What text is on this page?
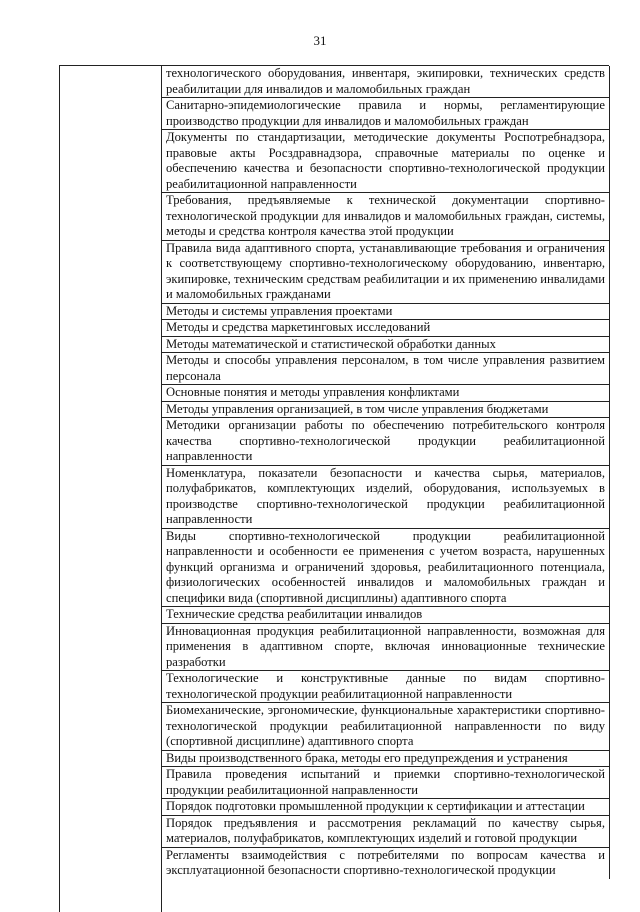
31
технологического оборудования, инвентаря, экипировки, технических средств реабилитации для инвалидов и маломобильных граждан
Санитарно-эпидемиологические правила и нормы, регламентирующие производство продукции для инвалидов и маломобильных граждан
Документы по стандартизации, методические документы Роспотребнадзора, правовые акты Росздравнадзора, справочные материалы по оценке и обеспечению качества и безопасности спортивно-технологической продукции реабилитационной направленности
Требования, предъявляемые к технической документации спортивно-технологической продукции для инвалидов и маломобильных граждан, системы, методы и средства контроля качества этой продукции
Правила вида адаптивного спорта, устанавливающие требования и ограничения к соответствующему спортивно-технологическому оборудованию, инвентарю, экипировке, техническим средствам реабилитации и их применению инвалидами и маломобильных гражданами
Методы и системы управления проектами
Методы и средства маркетинговых исследований
Методы математической и статистической обработки данных
Методы и способы управления персоналом, в том числе управления развитием персонала
Основные понятия и методы управления конфликтами
Методы управления организацией, в том числе управления бюджетами
Методики организации работы по обеспечению потребительского контроля качества спортивно-технологической продукции реабилитационной направленности
Номенклатура, показатели безопасности и качества сырья, материалов, полуфабрикатов, комплектующих изделий, оборудования, используемых в производстве спортивно-технологической продукции реабилитационной направленности
Виды спортивно-технологической продукции реабилитационной направленности и особенности ее применения с учетом возраста, нарушенных функций организма и ограничений здоровья, реабилитационного потенциала, физиологических особенностей инвалидов и маломобильных граждан и специфики вида (спортивной дисциплины) адаптивного спорта
Технические средства реабилитации инвалидов
Инновационная продукция реабилитационной направленности, возможная для применения в адаптивном спорте, включая инновационные технические разработки
Технологические и конструктивные данные по видам спортивно-технологической продукции реабилитационной направленности
Биомеханические, эргономические, функциональные характеристики спортивно-технологической продукции реабилитационной направленности по виду (спортивной дисциплине) адаптивного спорта
Виды производственного брака, методы его предупреждения и устранения
Правила проведения испытаний и приемки спортивно-технологической продукции реабилитационной направленности
Порядок подготовки промышленной продукции к сертификации и аттестации
Порядок предъявления и рассмотрения рекламаций по качеству сырья, материалов, полуфабрикатов, комплектующих изделий и готовой продукции
Регламенты взаимодействия с потребителями по вопросам качества и эксплуатационной безопасности спортивно-технологической продукции
